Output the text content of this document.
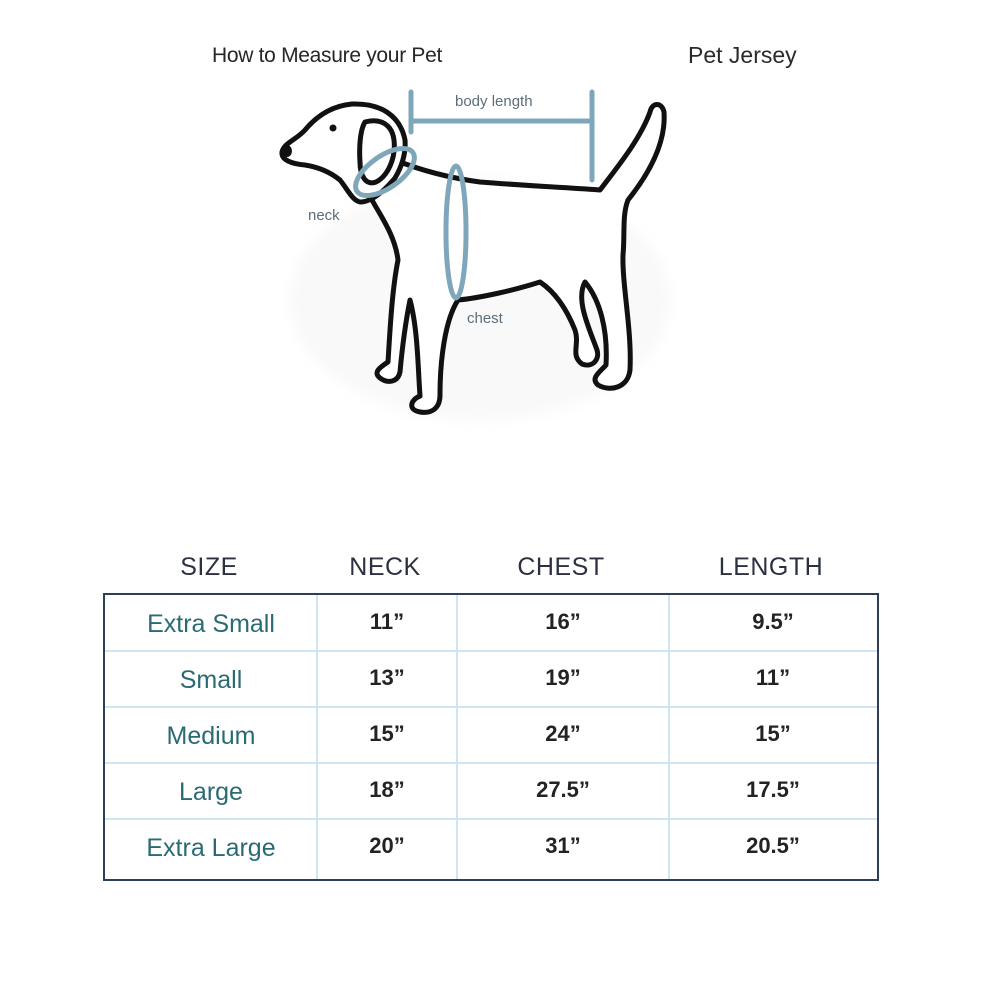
How to Measure your Pet	Pet Jersey
body length
neck
chest
SIZE	NECK	CHEST	LENGTH
Extra Small	11”	16”	9.5”
Small	13”	19”	11”
Medium	15”	24”	15”
Large	18”	27.5”	17.5”
Extra Large	20”	31”	20.5”
